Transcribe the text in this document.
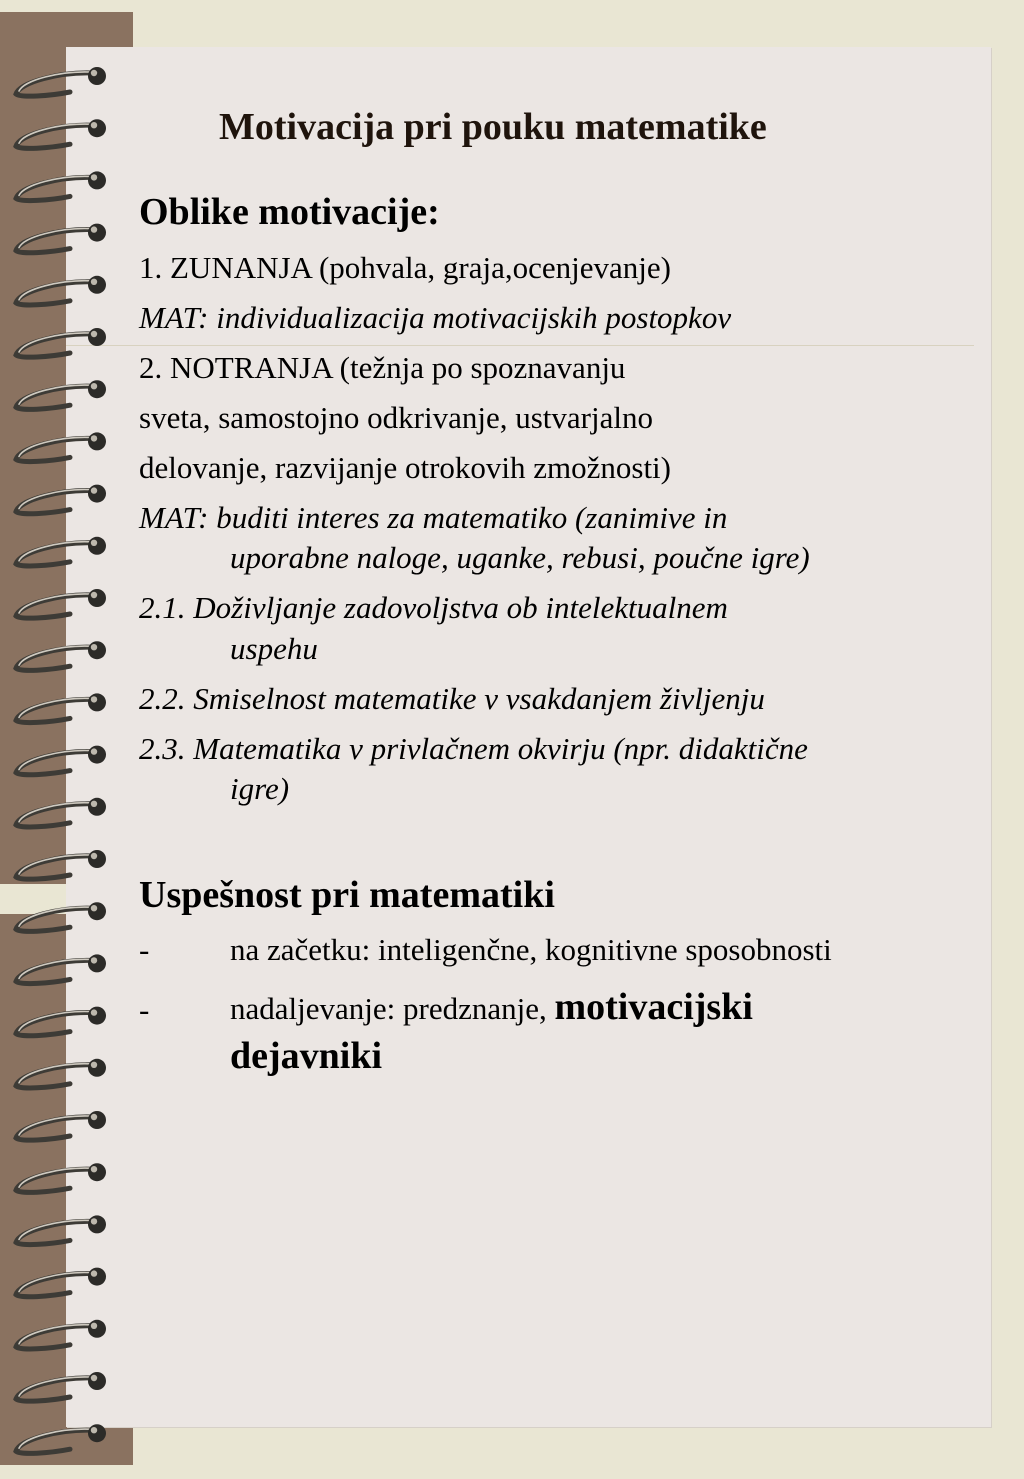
Motivacija pri pouku matematike

Oblike motivacije:

1. ZUNANJA (pohvala, graja,ocenjevanje)

MAT: individualizacija motivacijskih postopkov

2. NOTRANJA (težnja po spoznavanju

sveta, samostojno odkrivanje, ustvarjalno

delovanje, razvijanje otrokovih zmožnosti)

MAT: buditi interes za matematiko (zanimive in

uporabne naloge, uganke, rebusi, poučne igre)

2.1. Doživljanje zadovoljstva ob intelektualnem

uspehu

2.2. Smiselnost matematike v vsakdanjem življenju

2.3. Matematika v privlačnem okvirju (npr. didaktične

igre)

Uspešnost pri matematiki

-	na začetku: inteligenčne, kognitivne sposobnosti

-	nadaljevanje: predznanje, motivacijski

dejavniki
